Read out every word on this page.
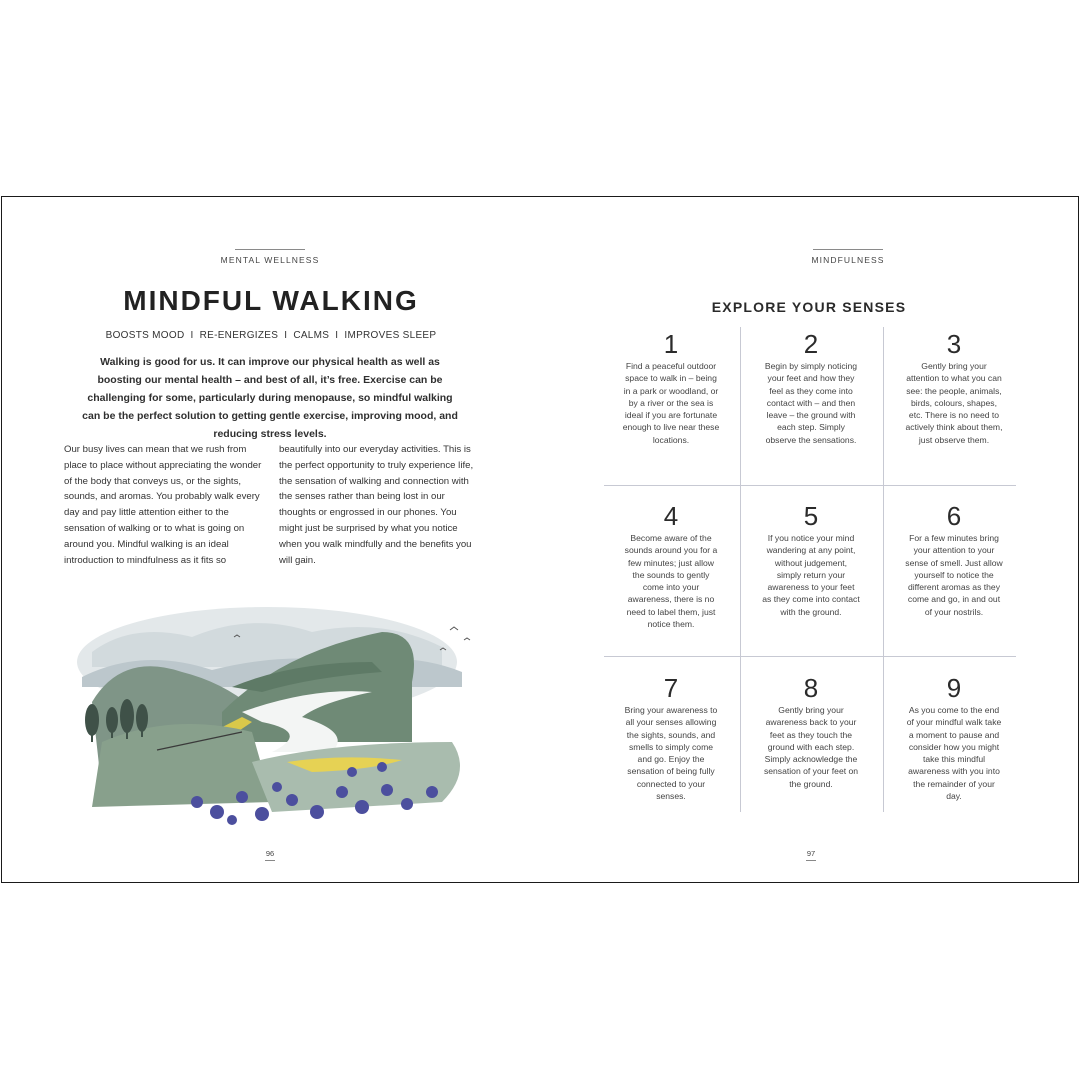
MENTAL WELLNESS
MINDFUL WALKING
BOOSTS MOOD I RE-ENERGIZES I CALMS I IMPROVES SLEEP
Walking is good for us. It can improve our physical health as well as boosting our mental health – and best of all, it’s free. Exercise can be challenging for some, particularly during menopause, so mindful walking can be the perfect solution to getting gentle exercise, improving mood, and reducing stress levels.
Our busy lives can mean that we rush from place to place without appreciating the wonder of the body that conveys us, or the sights, sounds, and aromas. You probably walk every day and pay little attention either to the sensation of walking or to what is going on around you. Mindful walking is an ideal introduction to mindfulness as it fits so
beautifully into our everyday activities. This is the perfect opportunity to truly experience life, the sensation of walking and connection with the senses rather than being lost in our thoughts or engrossed in our phones. You might just be surprised by what you notice when you walk mindfully and the benefits you will gain.
96
MINDFULNESS
EXPLORE YOUR SENSES
1
Find a peaceful outdoor space to walk in – being in a park or woodland, or by a river or the sea is ideal if you are fortunate enough to live near these locations.
2
Begin by simply noticing your feet and how they feel as they come into contact with – and then leave – the ground with each step. Simply observe the sensations.
3
Gently bring your attention to what you can see: the people, animals, birds, colours, shapes, etc. There is no need to actively think about them, just observe them.
4
Become aware of the sounds around you for a few minutes; just allow the sounds to gently come into your awareness, there is no need to label them, just notice them.
5
If you notice your mind wandering at any point, without judgement, simply return your awareness to your feet as they come into contact with the ground.
6
For a few minutes bring your attention to your sense of smell. Just allow yourself to notice the different aromas as they come and go, in and out of your nostrils.
7
Bring your awareness to all your senses allowing the sights, sounds, and smells to simply come and go. Enjoy the sensation of being fully connected to your senses.
8
Gently bring your awareness back to your feet as they touch the ground with each step. Simply acknowledge the sensation of your feet on the ground.
9
As you come to the end of your mindful walk take a moment to pause and consider how you might take this mindful awareness with you into the remainder of your day.
97
